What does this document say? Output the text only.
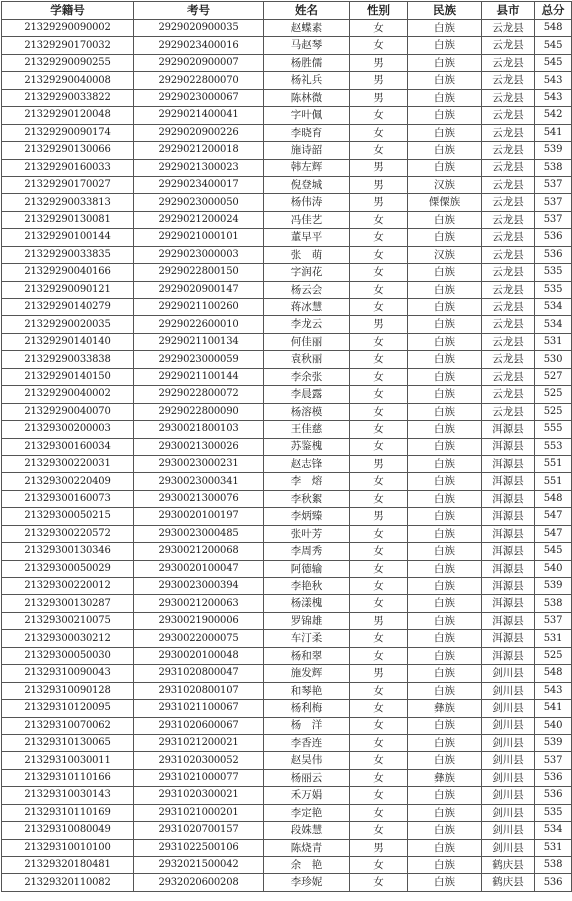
学籍号	考号	姓名	性别	民族	县市	总分
21329290090002	2929020900035	赵蝶素	女	白族	云龙县	548
21329290170032	2929023400016	马赵琴	女	白族	云龙县	545
21329290090255	2929020900007	杨胜儒	男	白族	云龙县	545
21329290040008	2929022800070	杨礼兵	男	白族	云龙县	543
21329290033822	2929023000067	陈林微	男	白族	云龙县	543
21329290120048	2929021400041	字叶佩	女	白族	云龙县	542
21329290090174	2929020900226	李晓育	女	白族	云龙县	541
21329290130066	2929021200018	施诗韶	女	白族	云龙县	539
21329290160033	2929021300023	韩左辉	男	白族	云龙县	538
21329290170027	2929023400017	倪登城	男	汉族	云龙县	537
21329290033813	2929023000050	杨伟涛	男	傈僳族	云龙县	537
21329290130081	2929021200024	冯佳艺	女	白族	云龙县	537
21329290100144	2929021000101	董早平	女	白族	云龙县	536
21329290033835	2929023000003	张　萌	女	汉族	云龙县	536
21329290040166	2929022800150	字润花	女	白族	云龙县	535
21329290090121	2929020900147	杨云会	女	白族	云龙县	535
21329290140279	2929021100260	蒋冰慧	女	白族	云龙县	534
21329290020035	2929022600010	李龙云	男	白族	云龙县	534
21329290140140	2929021100134	何佳丽	女	白族	云龙县	531
21329290033838	2929023000059	袁秋丽	女	白族	云龙县	530
21329290140150	2929021100144	李余张	女	白族	云龙县	527
21329290040002	2929022800072	李晨露	女	白族	云龙县	525
21329290040070	2929022800090	杨溶模	女	白族	云龙县	525
21329300200003	2930021800103	王佳慈	女	白族	洱源县	555
21329300160034	2930021300026	苏鉴槐	女	白族	洱源县	553
21329300220031	2930023000231	赵志锋	男	白族	洱源县	551
21329300220409	2930023000341	李　熔	女	白族	洱源县	551
21329300160073	2930021300076	李秋絮	女	白族	洱源县	548
21329300050215	2930020100197	李炳臻	男	白族	洱源县	547
21329300220572	2930023000485	张叶芳	女	白族	洱源县	547
21329300130346	2930021200068	李周秀	女	白族	洱源县	545
21329300050029	2930020100047	阿德输	女	白族	洱源县	540
21329300220012	2930023000394	李艳秋	女	白族	洱源县	539
21329300130287	2930021200063	杨漾槐	女	白族	洱源县	538
21329300210075	2930021900006	罗锦雄	男	白族	洱源县	537
21329300030212	2930022000075	车汀柔	女	白族	洱源县	531
21329300050030	2930020100048	杨和翠	女	白族	洱源县	525
21329310090043	2931020800047	施发辉	男	白族	剑川县	548
21329310090128	2931020800107	和琴艳	女	白族	剑川县	543
21329310120095	2931021100067	杨利梅	女	彝族	剑川县	541
21329310070062	2931020600067	杨　洋	女	白族	剑川县	540
21329310130065	2931021200021	李香连	女	白族	剑川县	539
21329310030011	2931020300052	赵昊伟	女	白族	剑川县	537
21329310110166	2931021000077	杨丽云	女	彝族	剑川县	536
21329310030143	2931020300021	禾万娟	女	白族	剑川县	536
21329310110169	2931021000201	李定艳	女	白族	剑川县	535
21329310080049	2931020700157	段姝慧	女	白族	剑川县	534
21329310010100	2931022500106	陈烧青	男	白族	剑川县	531
21329320180481	2932021500042	余　艳	女	白族	鹤庆县	538
21329320110082	2932020600208	李珍妮	女	白族	鹤庆县	536
